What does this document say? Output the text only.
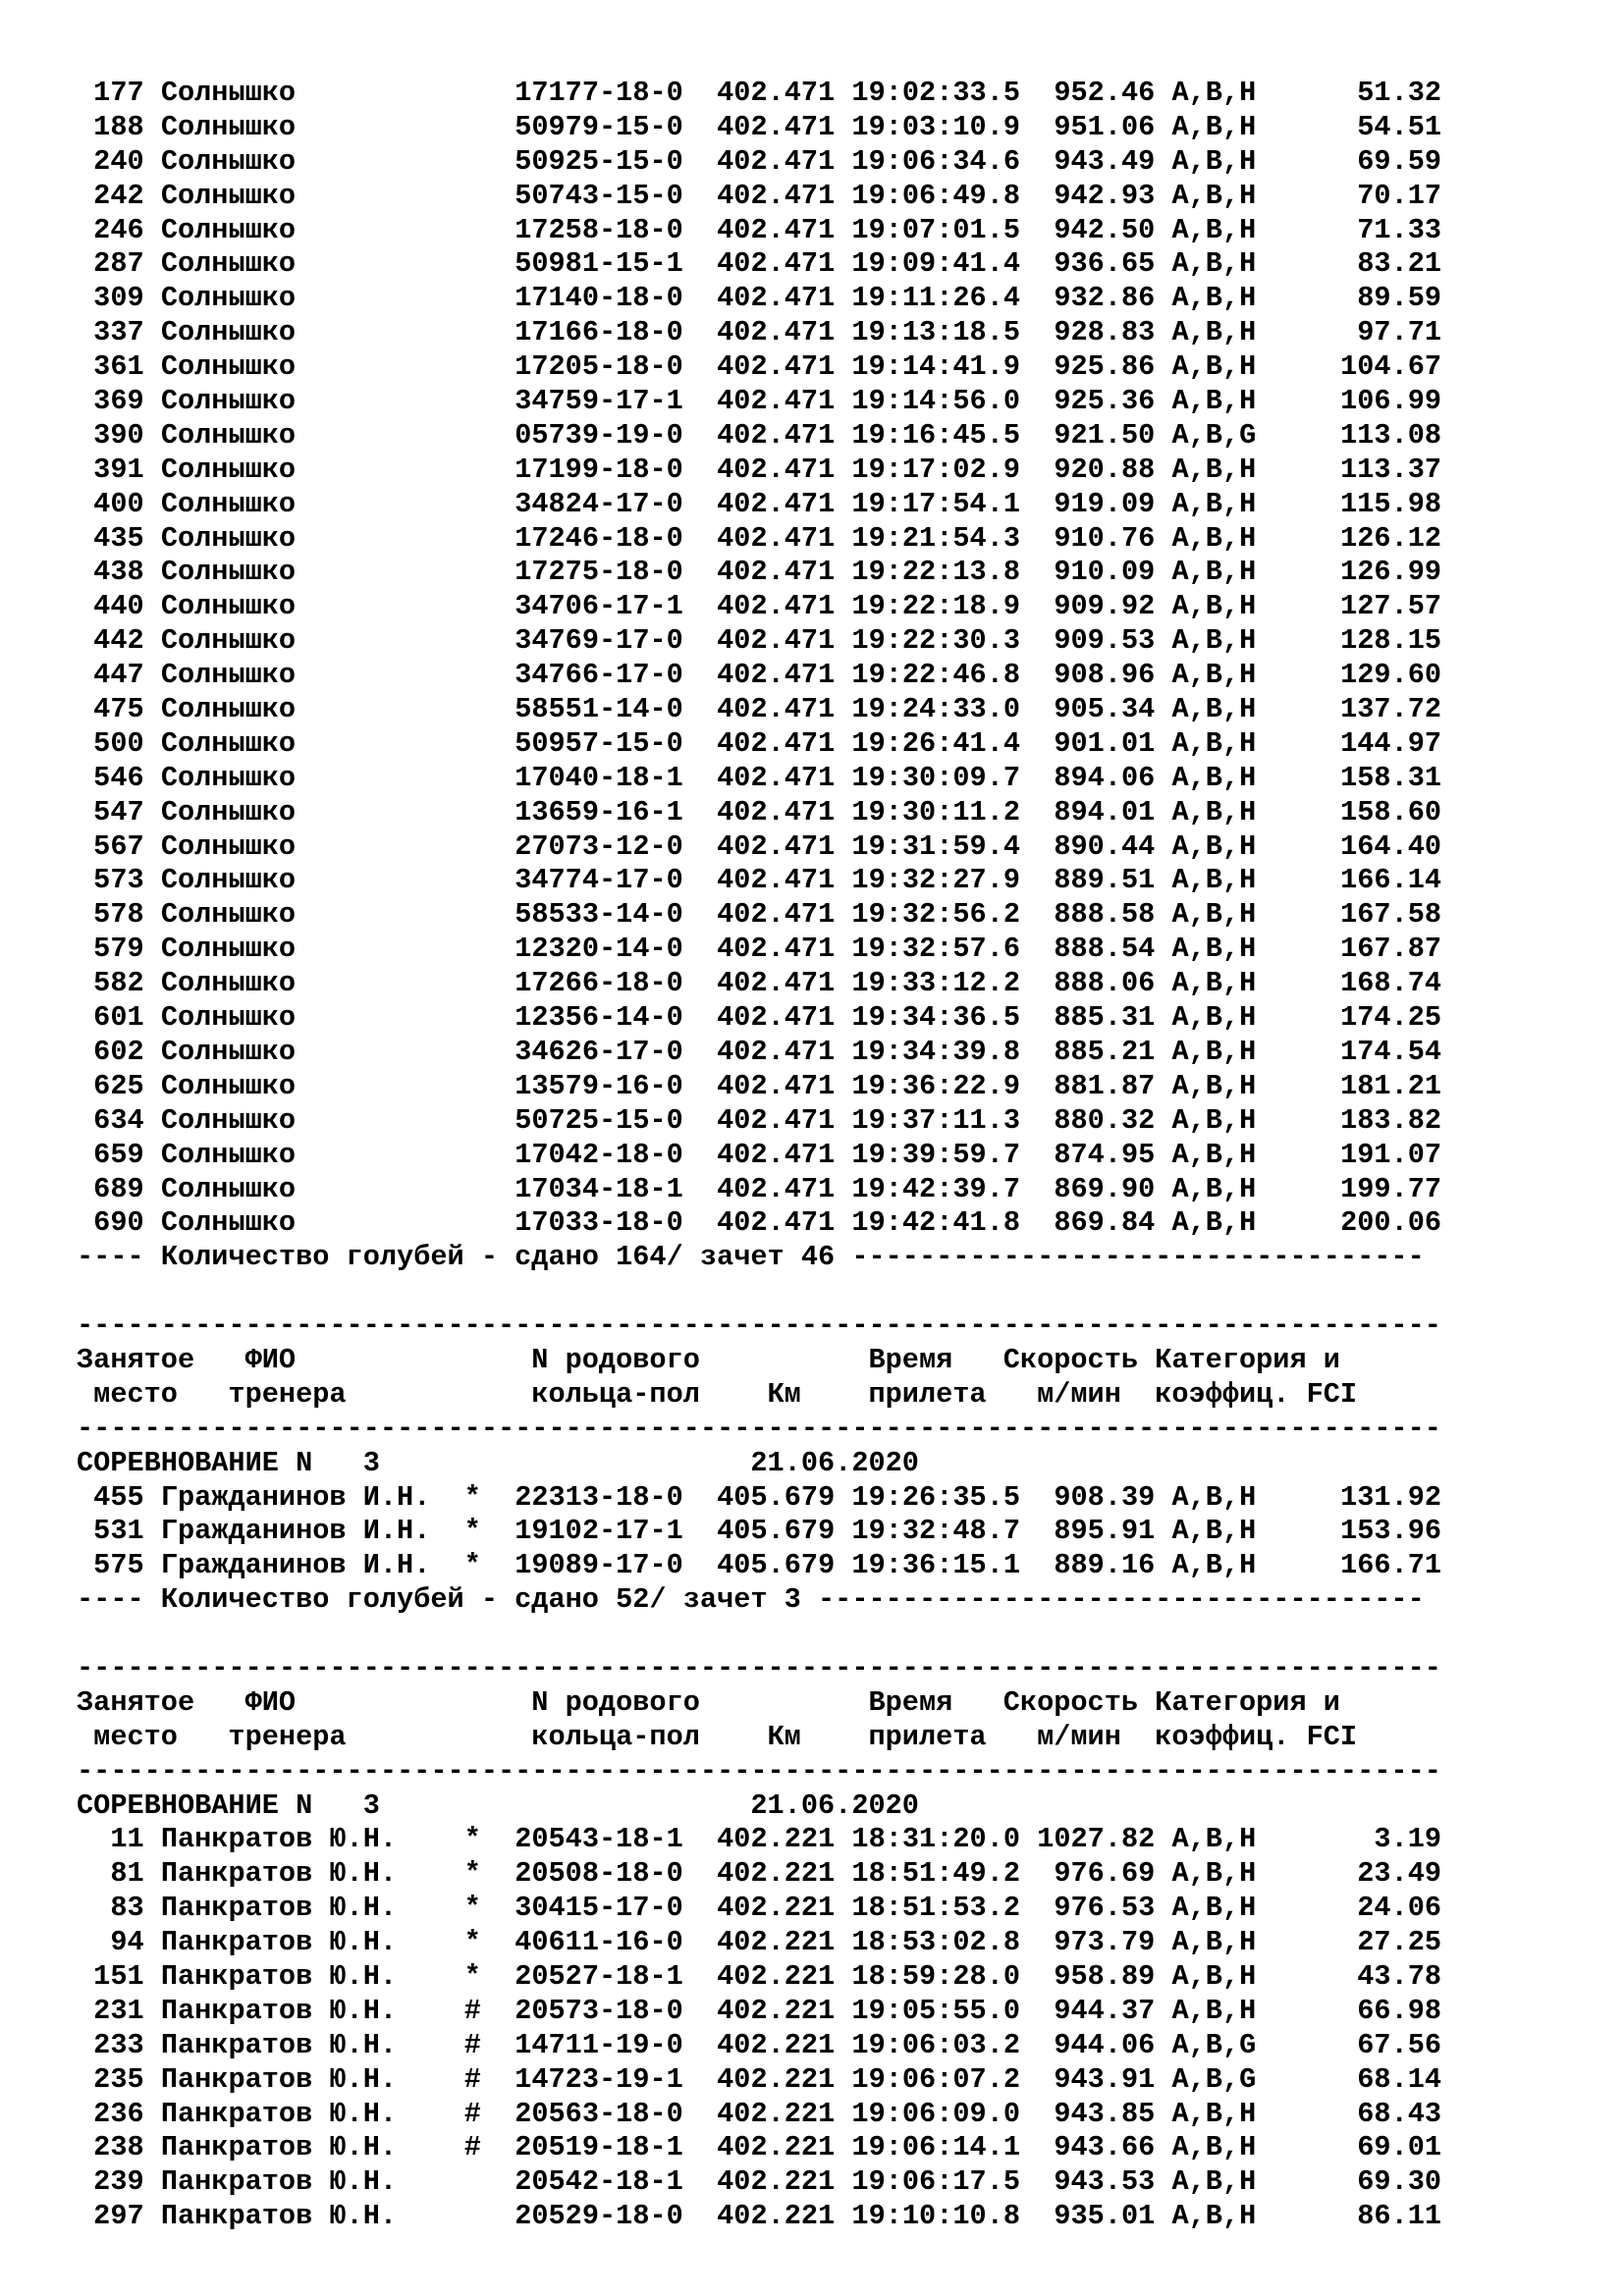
177 Солнышко             17177-18-0 402.471 19:02:33.5  952.46 A,B,H      51.32
188 Солнышко             50979-15-0 402.471 19:03:10.9  951.06 A,B,H      54.51
240 Солнышко             50925-15-0 402.471 19:06:34.6  943.49 A,B,H      69.59
242 Солнышко             50743-15-0 402.471 19:06:49.8  942.93 A,B,H      70.17
246 Солнышко             17258-18-0 402.471 19:07:01.5  942.50 A,B,H      71.33
287 Солнышко             50981-15-1 402.471 19:09:41.4  936.65 A,B,H      83.21
309 Солнышко             17140-18-0 402.471 19:11:26.4  932.86 A,B,H      89.59
337 Солнышко             17166-18-0 402.471 19:13:18.5  928.83 A,B,H      97.71
361 Солнышко             17205-18-0 402.471 19:14:41.9  925.86 A,B,H     104.67
369 Солнышко             34759-17-1 402.471 19:14:56.0  925.36 A,B,H     106.99
390 Солнышко             05739-19-0 402.471 19:16:45.5  921.50 A,B,G     113.08
391 Солнышко             17199-18-0 402.471 19:17:02.9  920.88 A,B,H     113.37
400 Солнышко             34824-17-0 402.471 19:17:54.1  919.09 A,B,H     115.98
435 Солнышко             17246-18-0 402.471 19:21:54.3  910.76 A,B,H     126.12
438 Солнышко             17275-18-0 402.471 19:22:13.8  910.09 A,B,H     126.99
440 Солнышко             34706-17-1 402.471 19:22:18.9  909.92 A,B,H     127.57
442 Солнышко             34769-17-0 402.471 19:22:30.3  909.53 A,B,H     128.15
447 Солнышко             34766-17-0 402.471 19:22:46.8  908.96 A,B,H     129.60
475 Солнышко             58551-14-0 402.471 19:24:33.0  905.34 A,B,H     137.72
500 Солнышко             50957-15-0 402.471 19:26:41.4  901.01 A,B,H     144.97
546 Солнышко             17040-18-1 402.471 19:30:09.7  894.06 A,B,H     158.31
547 Солнышко             13659-16-1 402.471 19:30:11.2  894.01 A,B,H     158.60
567 Солнышко             27073-12-0 402.471 19:31:59.4  890.44 A,B,H     164.40
573 Солнышко             34774-17-0 402.471 19:32:27.9  889.51 A,B,H     166.14
578 Солнышко             58533-14-0 402.471 19:32:56.2  888.58 A,B,H     167.58
579 Солнышко             12320-14-0 402.471 19:32:57.6  888.54 A,B,H     167.87
582 Солнышко             17266-18-0 402.471 19:33:12.2  888.06 A,B,H     168.74
601 Солнышко             12356-14-0 402.471 19:34:36.5  885.31 A,B,H     174.25
602 Солнышко             34626-17-0 402.471 19:34:39.8  885.21 A,B,H     174.54
625 Солнышко             13579-16-0 402.471 19:36:22.9  881.87 A,B,H     181.21
634 Солнышко             50725-15-0 402.471 19:37:11.3  880.32 A,B,H     183.82
659 Солнышко             17042-18-0 402.471 19:39:59.7  874.95 A,B,H     191.07
689 Солнышко             17034-18-1 402.471 19:42:39.7  869.90 A,B,H     199.77
690 Солнышко             17033-18-0 402.471 19:42:41.8  869.84 A,B,H     200.06
---- Количество голубей - сдано 164/ зачет 46 ----------------------------------
---------------------------------------------------------------------------------
Занятое   ФИО              N родового          Время   Скорость Категория и
место   тренера           кольца-пол    Км    прилета   м/мин  коэффиц. FCI
---------------------------------------------------------------------------------
СОРЕВНОВАНИЕ N   3                      21.06.2020
455 Гражданинов И.Н.  * 22313-18-0 405.679 19:26:35.5  908.39 A,B,H     131.92
531 Гражданинов И.Н.  * 19102-17-1 405.679 19:32:48.7  895.91 A,B,H     153.96
575 Гражданинов И.Н.  * 19089-17-0 405.679 19:36:15.1  889.16 A,B,H     166.71
---- Количество голубей - сдано 52/ зачет 3 ------------------------------------
---------------------------------------------------------------------------------
Занятое   ФИО              N родового          Время   Скорость Категория и
место   тренера           кольца-пол    Км    прилета   м/мин  коэффиц. FCI
---------------------------------------------------------------------------------
СОРЕВНОВАНИЕ N   3                      21.06.2020
11 Панкратов Ю.Н.    * 20543-18-1 402.221 18:31:20.0 1027.82 A,B,H       3.19
81 Панкратов Ю.Н.    * 20508-18-0 402.221 18:51:49.2  976.69 A,B,H      23.49
83 Панкратов Ю.Н.    * 30415-17-0 402.221 18:51:53.2  976.53 A,B,H      24.06
94 Панкратов Ю.Н.    * 40611-16-0 402.221 18:53:02.8  973.79 A,B,H      27.25
151 Панкратов Ю.Н.    * 20527-18-1 402.221 18:59:28.0  958.89 A,B,H      43.78
231 Панкратов Ю.Н.    # 20573-18-0 402.221 19:05:55.0  944.37 A,B,H      66.98
233 Панкратов Ю.Н.    # 14711-19-0 402.221 19:06:03.2  944.06 A,B,G      67.56
235 Панкратов Ю.Н.    # 14723-19-1 402.221 19:06:07.2  943.91 A,B,G      68.14
236 Панкратов Ю.Н.    # 20563-18-0 402.221 19:06:09.0  943.85 A,B,H      68.43
238 Панкратов Ю.Н.    # 20519-18-1 402.221 19:06:14.1  943.66 A,B,H      69.01
239 Панкратов Ю.Н.       20542-18-1 402.221 19:06:17.5  943.53 A,B,H      69.30
297 Панкратов Ю.Н.       20529-18-0 402.221 19:10:10.8  935.01 A,B,H      86.11
